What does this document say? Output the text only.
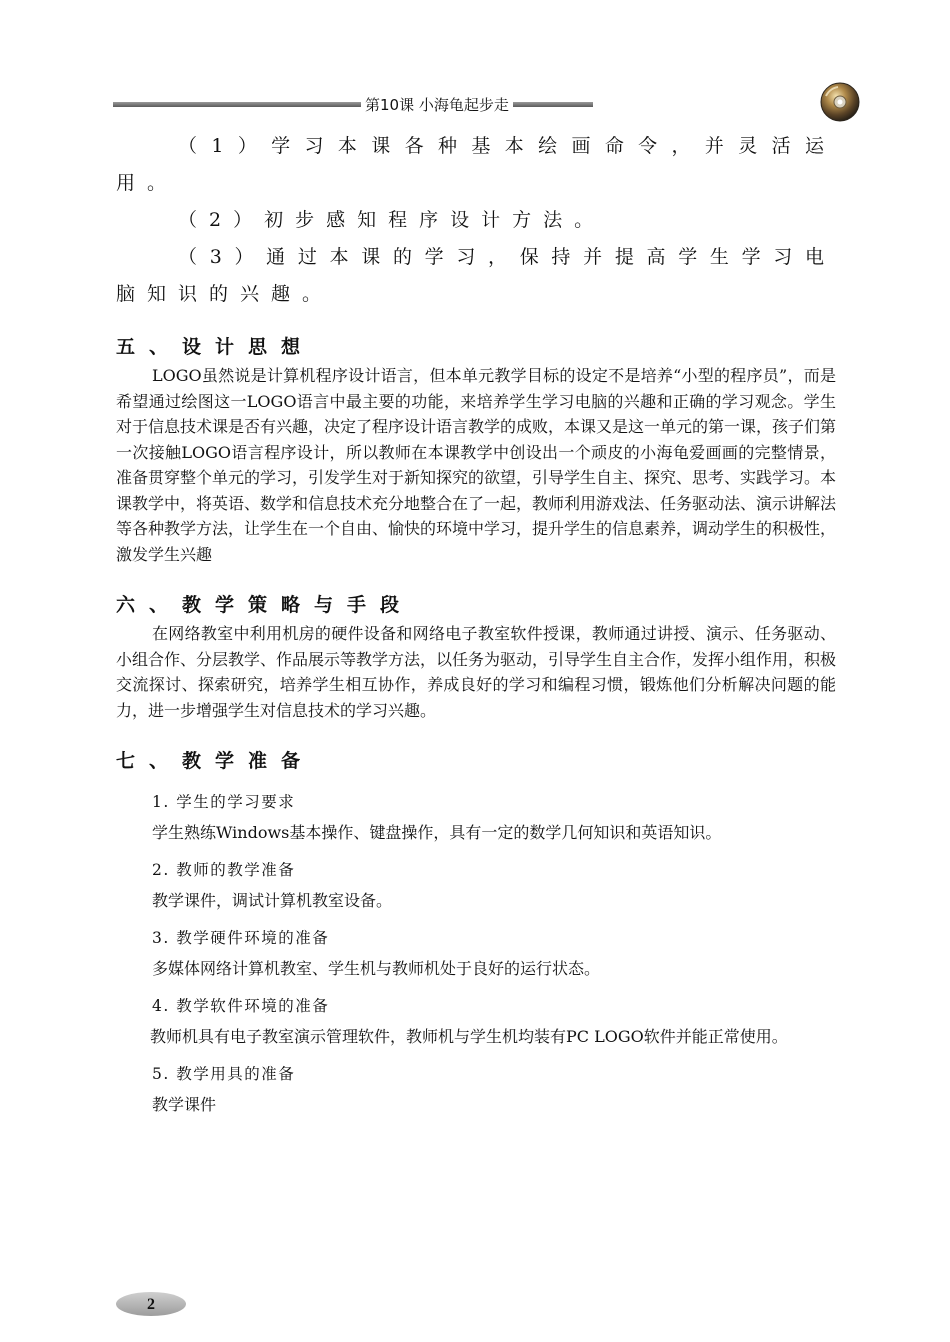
第10课 小海龟起步走

（1）学习本课各种基本绘画命令，并灵活运用。

（2）初步感知程序设计方法。

（3）通过本课的学习，保持并提高学生学习电脑知识的兴趣。

五、设计思想

LOGO虽然说是计算机程序设计语言，但本单元教学目标的设定不是培养“小型的程序员”，而是希望通过绘图这一LOGO语言中最主要的功能，来培养学生学习电脑的兴趣和正确的学习观念。学生对于信息技术课是否有兴趣，决定了程序设计语言教学的成败，本课又是这一单元的第一课，孩子们第一次接触LOGO语言程序设计，所以教师在本课教学中创设出一个顽皮的小海龟爱画画的完整情景，准备贯穿整个单元的学习，引发学生对于新知探究的欲望，引导学生自主、探究、思考、实践学习。本课教学中，将英语、数学和信息技术充分地整合在了一起，教师利用游戏法、任务驱动法、演示讲解法等各种教学方法，让学生在一个自由、愉快的环境中学习，提升学生的信息素养，调动学生的积极性，激发学生兴趣

六、教学策略与手段

在网络教室中利用机房的硬件设备和网络电子教室软件授课，教师通过讲授、演示、任务驱动、小组合作、分层教学、作品展示等教学方法，以任务为驱动，引导学生自主合作，发挥小组作用，积极交流探讨、探索研究，培养学生相互协作，养成良好的学习和编程习惯，锻炼他们分析解决问题的能力，进一步增强学生对信息技术的学习兴趣。

七、教学准备

1. 学生的学习要求

学生熟练Windows基本操作、键盘操作，具有一定的数学几何知识和英语知识。

2. 教师的教学准备

教学课件，调试计算机教室设备。

3. 教学硬件环境的准备

多媒体网络计算机教室、学生机与教师机处于良好的运行状态。

4. 教学软件环境的准备

教师机具有电子教室演示管理软件，教师机与学生机均装有PC LOGO软件并能正常使用。

5. 教学用具的准备

教学课件

2
